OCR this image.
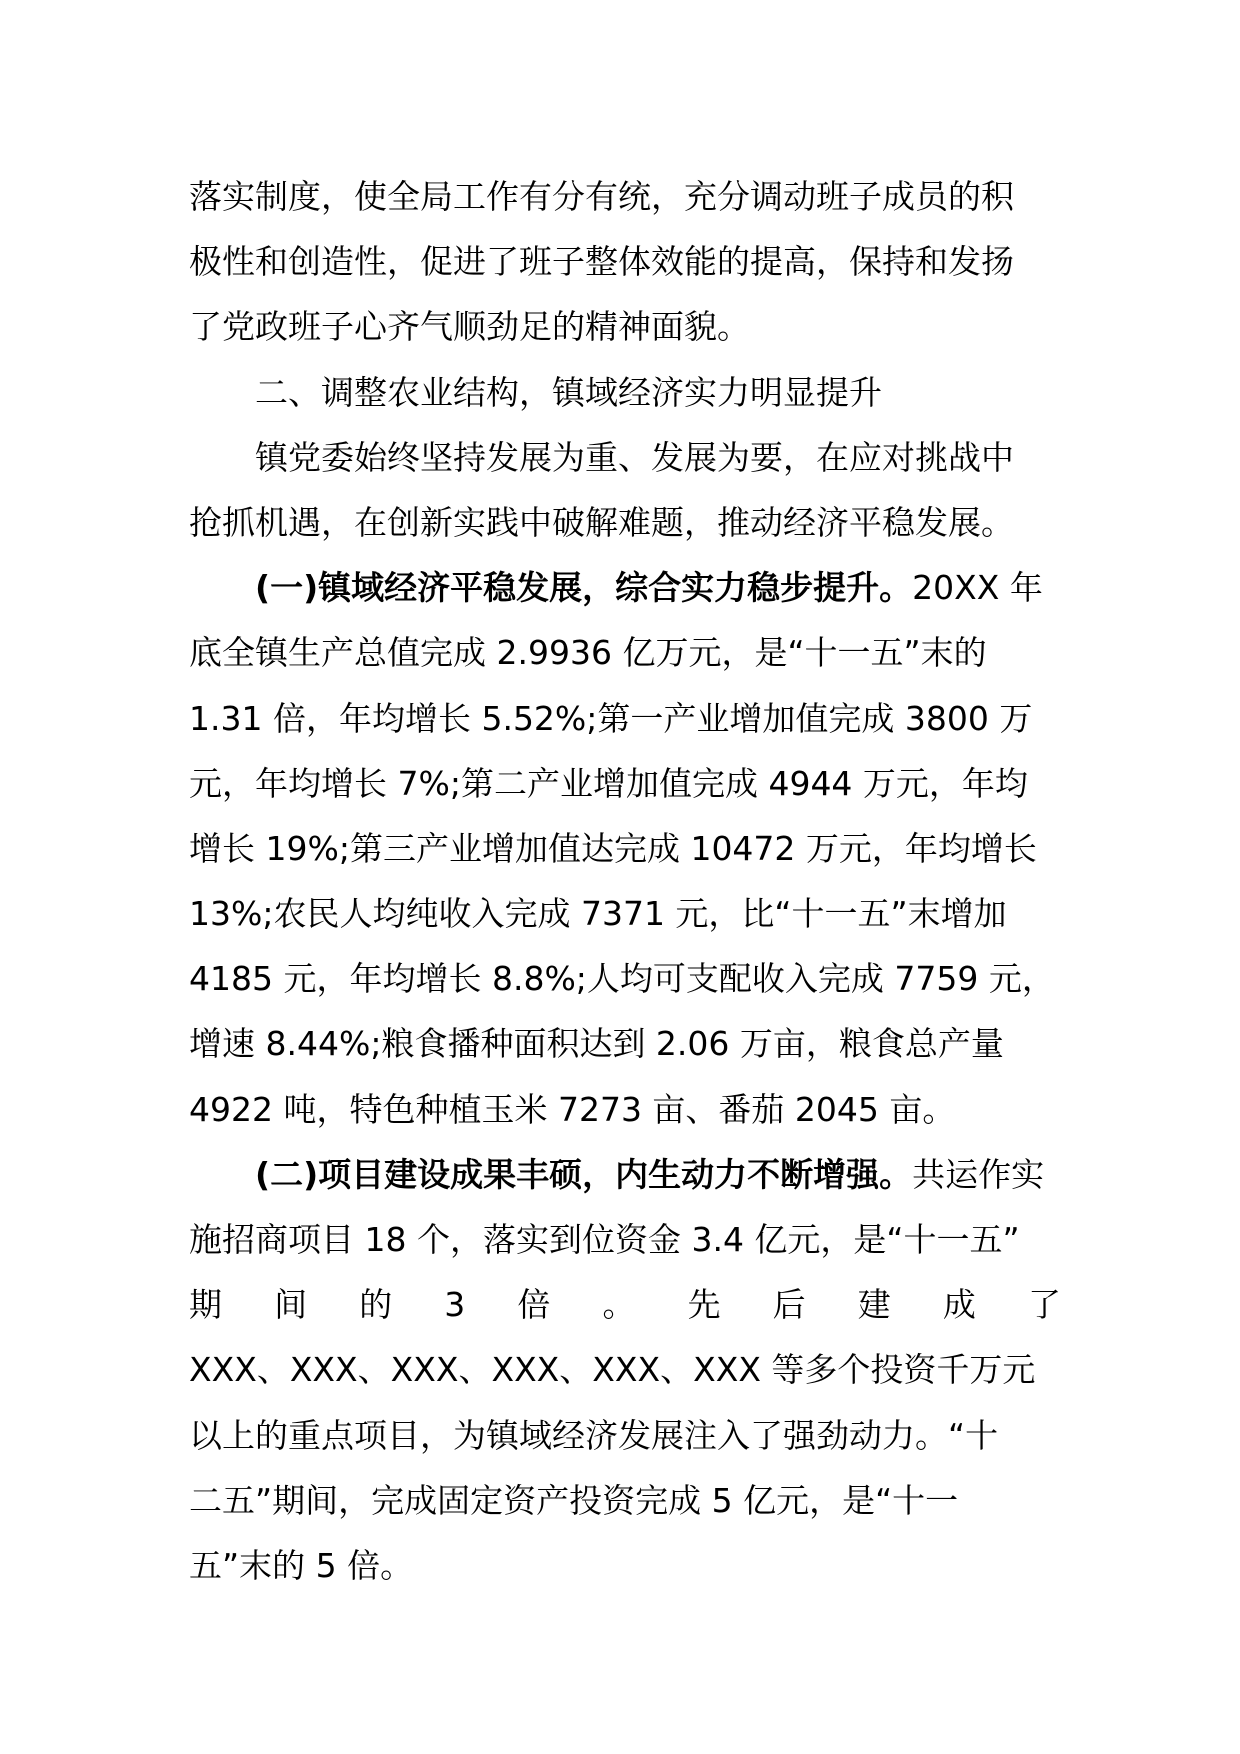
落实制度，使全局工作有分有统，充分调动班子成员的积
极性和创造性，促进了班子整体效能的提高，保持和发扬
了党政班子心齐气顺劲足的精神面貌。
二、调整农业结构，镇域经济实力明显提升
镇党委始终坚持发展为重、发展为要，在应对挑战中
抢抓机遇，在创新实践中破解难题，推动经济平稳发展。
(一)镇域经济平稳发展，综合实力稳步提升。20XX 年
底全镇生产总值完成 2.9936 亿万元，是“十一五”末的
1.31 倍，年均增长 5.52%;第一产业增加值完成 3800 万
元，年均增长 7%;第二产业增加值完成 4944 万元，年均
增长 19%;第三产业增加值达完成 10472 万元，年均增长
13%;农民人均纯收入完成 7371 元，比“十一五”末增加
4185 元，年均增长 8.8%;人均可支配收入完成 7759 元，
增速 8.44%;粮食播种面积达到 2.06 万亩，粮食总产量
4922 吨，特色种植玉米 7273 亩、番茄 2045 亩。
(二)项目建设成果丰硕，内生动力不断增强。共运作实
施招商项目 18 个，落实到位资金 3.4 亿元，是“十一五”
期 间 的 3 倍 。 先 后 建 成 了
XXX、XXX、XXX、XXX、XXX、XXX 等多个投资千万元
以上的重点项目，为镇域经济发展注入了强劲动力。“十
二五”期间，完成固定资产投资完成 5 亿元，是“十一
五”末的 5 倍。
